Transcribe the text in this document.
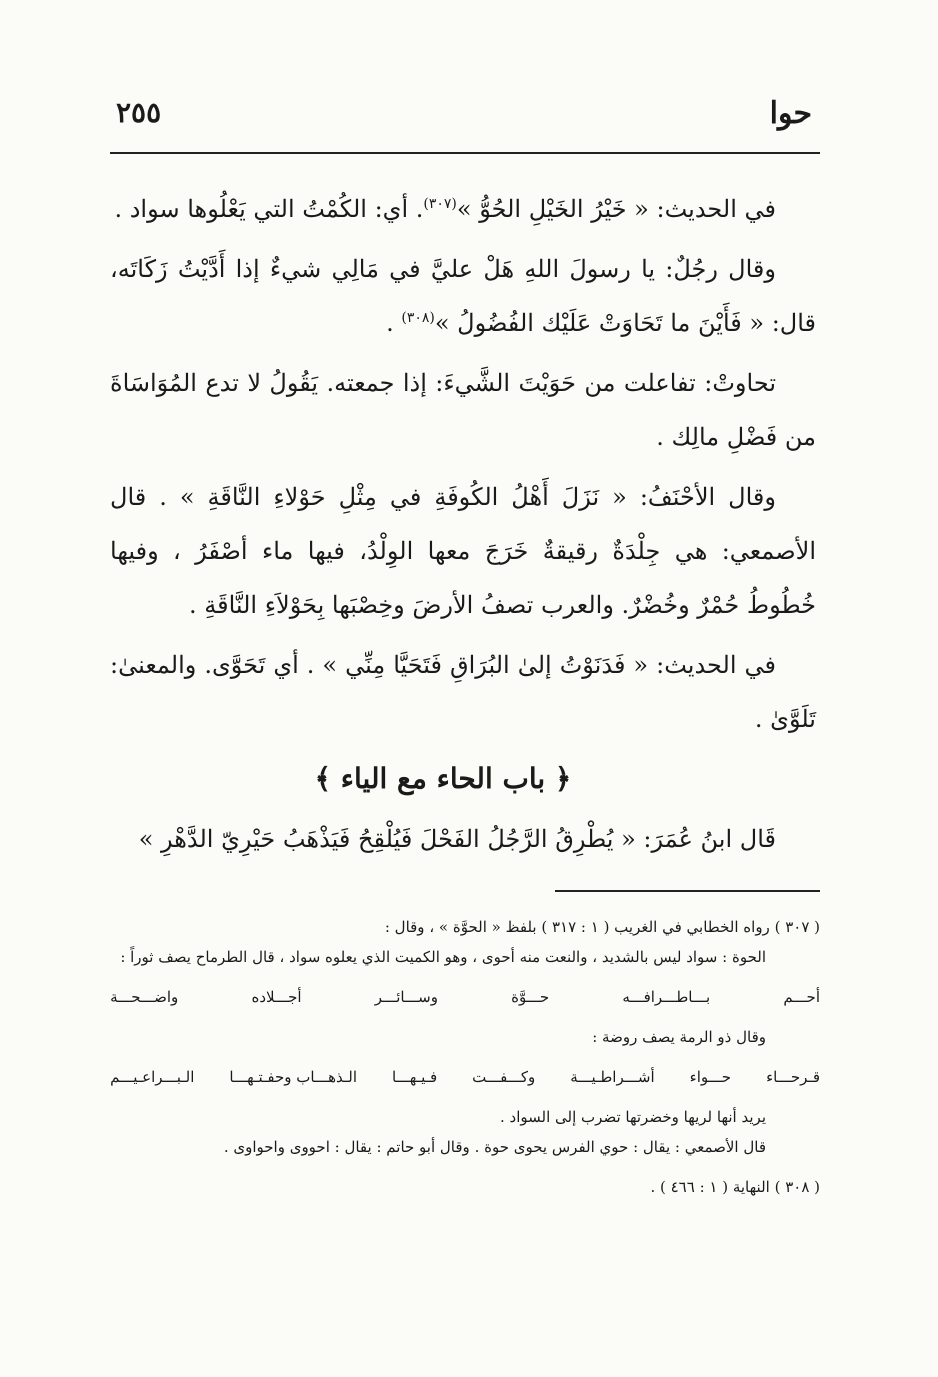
حوا
٢٥٥

في الحديث: « خَيْرُ الخَيْلِ الحُوُّ »$^{(٣٠٧)}$. أي: الكُمْتُ التي يَعْلُوها سواد .

وقال رجُلٌ: يا رسولَ اللهِ هَلْ عليَّ في مَالِي شيءٌ إذا أَدَّيْتُ زَكَاتَه، قال: « فَأَيْنَ ما تَحَاوَتْ عَلَيْك الفُضُولُ »$^{(٣٠٨)}$ .

تحاوتْ: تفاعلت من حَوَيْتَ الشَّيءَ: إذا جمعته. يَقُولُ لا تدع المُوَاسَاةَ من فَضْلِ مالِك .

وقال الأحْنَفُ: « نَزَلَ أَهْلُ الكُوفَةِ في مِثْلِ حَوْلاءِ النَّاقَةِ » . قال الأصمعي: هي جِلْدَةٌ رقيقةٌ خَرَجَ معها الوِلْدُ، فيها ماء أصْفَرُ ، وفيها خُطُوطُ حُمْرٌ وخُضْرٌ. والعرب تصفُ الأرضَ وخِصْبَها بِحَوْلاَءِ النَّاقَةِ .

في الحديث: « فَدَنَوْتُ إلىٰ البُرَاقِ فَتَحَيَّا مِنِّي » . أي تَحَوَّى. والمعنىٰ: تَلَوَّىٰ .

﴿ باب الحاء مع الياء ﴾

قَال ابنُ عُمَرَ: « يُطْرِقُ الرَّجُلُ الفَحْلَ فَيُلْقِحُ فَيَذْهَبُ حَيْرِيّ الدَّهْرِ »

( ٣٠٧ ) رواه الخطابي في الغريب ( ١ : ٣١٧ ) بلفظ « الحوَّة » ، وقال :

الحوة : سواد ليس بالشديد ، والنعت منه أحوى ، وهو الكميت الذي يعلوه سواد ، قال الطرماح يصف ثوراً :

أحـــم
بـــاطـــرافـــه
حـــوَّة
وســـائـــر
أجـــلاده
واضـــحـــة

وقال ذو الرمة يصف روضة :

قـرحـــاء
حـــواء
أشـــراطـيـــة
وكـــفـــت
فـيـهـــا
الـذهـــاب وحفـتـهـــا
الـبـــراعـيـــم

يريد أنها لريها وخضرتها تضرب إلى السواد .

قال الأصمعي : يقال : حوي الفرس يحوى حوة . وقال أبو حاتم : يقال : احووى واحواوى .

( ٣٠٨ ) النهاية ( ١ : ٤٦٦ ) .
